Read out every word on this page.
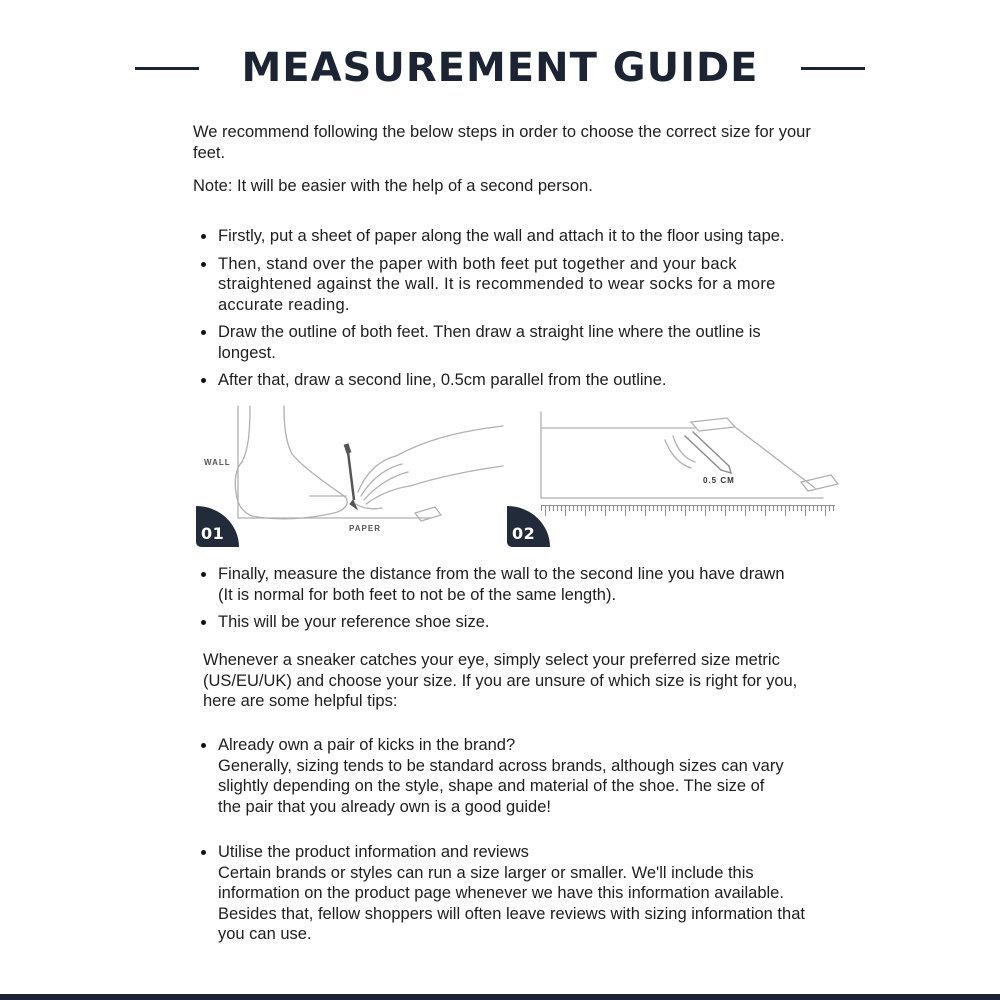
MEASUREMENT GUIDE

We recommend following the below steps in order to choose the correct size for your feet.

Note: It will be easier with the help of a second person.

Firstly, put a sheet of paper along the wall and attach it to the floor using tape.
Then, stand over the paper with both feet put together and your back straightened against the wall. It is recommended to wear socks for a more accurate reading.
Draw the outline of both feet. Then draw a straight line where the outline is longest.
After that, draw a second line, 0.5cm parallel from the outline.
WALL
PAPER
01
0.5 CM
02
Finally, measure the distance from the wall to the second line you have drawn (It is normal for both feet to not be of the same length).
This will be your reference shoe size.

Whenever a sneaker catches your eye, simply select your preferred size metric (US/EU/UK) and choose your size. If you are unsure of which size is right for you, here are some helpful tips:

Already own a pair of kicks in the brand?
Generally, sizing tends to be standard across brands, although sizes can vary slightly depending on the style, shape and material of the shoe. The size of the pair that you already own is a good guide!
Utilise the product information and reviews
Certain brands or styles can run a size larger or smaller. We'll include this information on the product page whenever we have this information available. Besides that, fellow shoppers will often leave reviews with sizing information that you can use.
